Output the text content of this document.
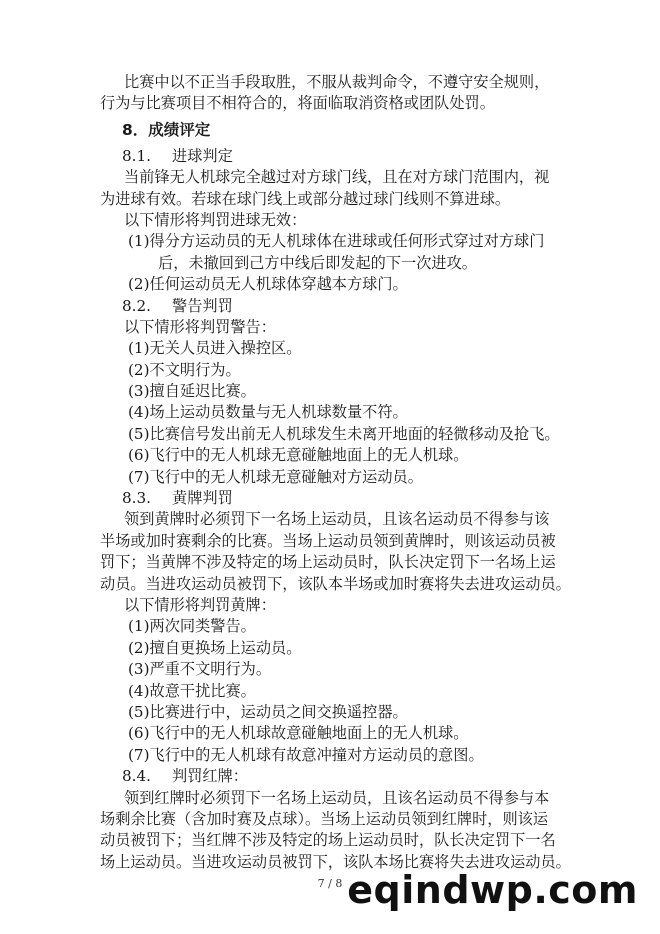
比赛中以不正当手段取胜，不服从裁判命令，不遵守安全规则，
行为与比赛项目不相符合的，将面临取消资格或团队处罚。
8．成绩评定
8.1. 进球判定
当前锋无人机球完全越过对方球门线，且在对方球门范围内，视
为进球有效。若球在球门线上或部分越过球门线则不算进球。
以下情形将判罚进球无效：
(1)得分方运动员的无人机球体在进球或任何形式穿过对方球门
后，未撤回到己方中线后即发起的下一次进攻。
(2)任何运动员无人机球体穿越本方球门。
8.2. 警告判罚
以下情形将判罚警告：
(1)无关人员进入操控区。
(2)不文明行为。
(3)擅自延迟比赛。
(4)场上运动员数量与无人机球数量不符。
(5)比赛信号发出前无人机球发生未离开地面的轻微移动及抢飞。
(6)飞行中的无人机球无意碰触地面上的无人机球。
(7)飞行中的无人机球无意碰触对方运动员。
8.3. 黄牌判罚
领到黄牌时必须罚下一名场上运动员，且该名运动员不得参与该
半场或加时赛剩余的比赛。当场上运动员领到黄牌时，则该运动员被
罚下；当黄牌不涉及特定的场上运动员时，队长决定罚下一名场上运
动员。当进攻运动员被罚下，该队本半场或加时赛将失去进攻运动员。
以下情形将判罚黄牌：
(1)两次同类警告。
(2)擅自更换场上运动员。
(3)严重不文明行为。
(4)故意干扰比赛。
(5)比赛进行中，运动员之间交换遥控器。
(6)飞行中的无人机球故意碰触地面上的无人机球。
(7)飞行中的无人机球有故意冲撞对方运动员的意图。
8.4. 判罚红牌：
领到红牌时必须罚下一名场上运动员，且该名运动员不得参与本
场剩余比赛（含加时赛及点球）。当场上运动员领到红牌时，则该运
动员被罚下；当红牌不涉及特定的场上运动员时，队长决定罚下一名
场上运动员。当进攻运动员被罚下，该队本场比赛将失去进攻运动员。
7 / 8 eqindwp.com
